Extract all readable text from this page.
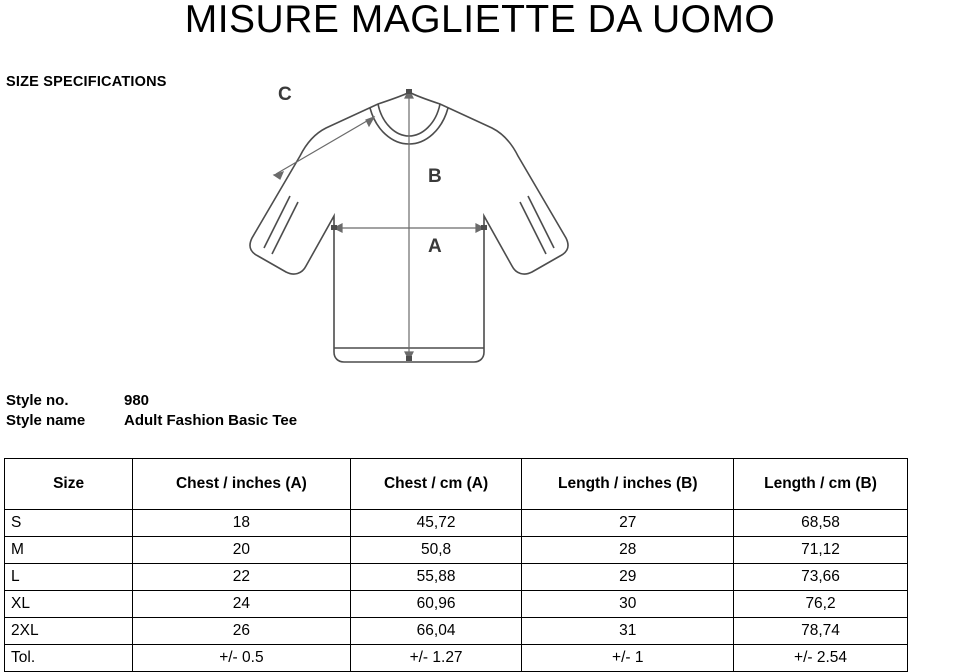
MISURE MAGLIETTE DA UOMO
SIZE SPECIFICATIONS
B
A
C
Style no.	980
Style name	Adult Fashion Basic Tee
Size	Chest / inches (A)	Chest / cm (A)	Length / inches (B)	Length / cm (B)
S	18	45,72	27	68,58
M	20	50,8	28	71,12
L	22	55,88	29	73,66
XL	24	60,96	30	76,2
2XL	26	66,04	31	78,74
Tol.	+/- 0.5	+/- 1.27	+/- 1	+/- 2.54
